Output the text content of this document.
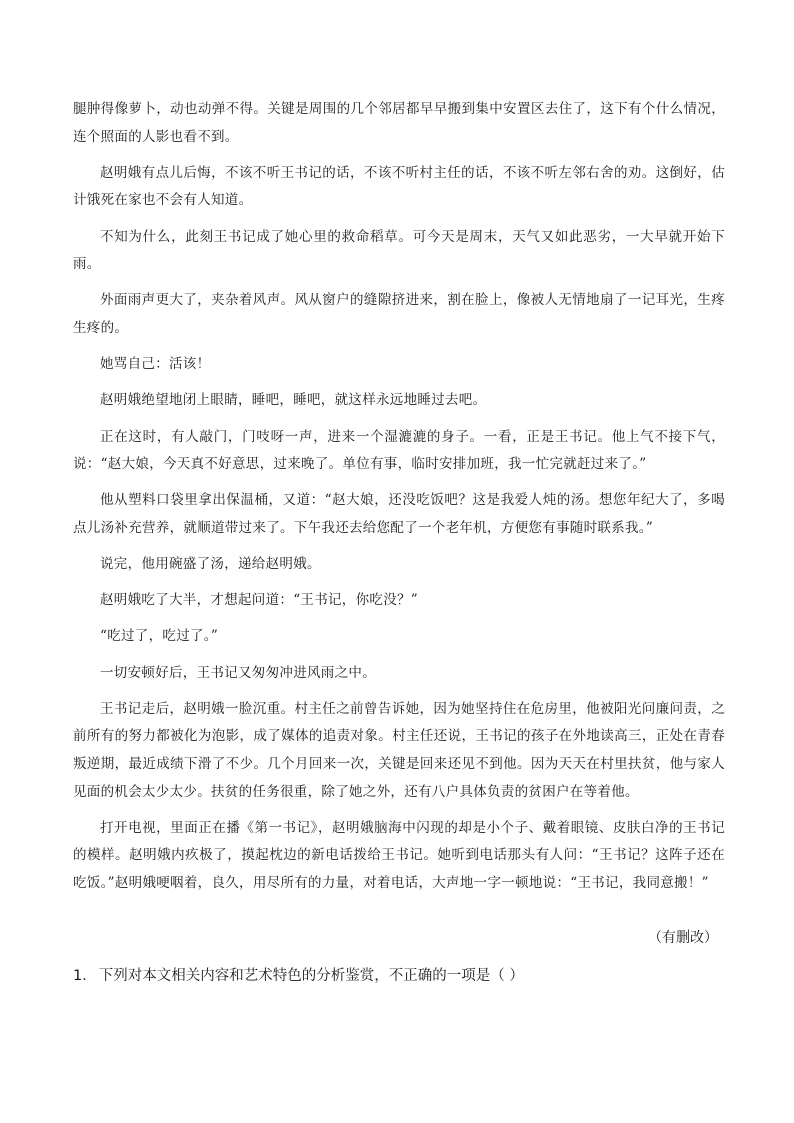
腿肿得像萝卜，动也动弹不得。关键是周围的几个邻居都早早搬到集中安置区去住了，这下有个什么情况，连个照面的人影也看不到。

赵明娥有点儿后悔，不该不听王书记的话，不该不听村主任的话，不该不听左邻右舍的劝。这倒好，估计饿死在家也不会有人知道。

不知为什么，此刻王书记成了她心里的救命稻草。可今天是周末，天气又如此恶劣，一大早就开始下雨。

外面雨声更大了，夹杂着风声。风从窗户的缝隙挤进来，割在脸上，像被人无情地扇了一记耳光，生疼生疼的。

她骂自己：活该！

赵明娥绝望地闭上眼睛，睡吧，睡吧，就这样永远地睡过去吧。

正在这时，有人敲门，门吱呀一声，进来一个湿漉漉的身子。一看，正是王书记。他上气不接下气，说：“赵大娘，今天真不好意思，过来晚了。单位有事，临时安排加班，我一忙完就赶过来了。”

他从塑料口袋里拿出保温桶，又道：“赵大娘，还没吃饭吧？这是我爱人炖的汤。想您年纪大了，多喝点儿汤补充营养，就顺道带过来了。下午我还去给您配了一个老年机，方便您有事随时联系我。”

说完，他用碗盛了汤，递给赵明娥。

赵明娥吃了大半，才想起问道：“王书记，你吃没？”

“吃过了，吃过了。”

一切安顿好后，王书记又匆匆冲进风雨之中。

王书记走后，赵明娥一脸沉重。村主任之前曾告诉她，因为她坚持住在危房里，他被阳光问廉问责，之前所有的努力都被化为泡影，成了媒体的追责对象。村主任还说，王书记的孩子在外地读高三，正处在青春叛逆期，最近成绩下滑了不少。几个月回来一次，关键是回来还见不到他。因为天天在村里扶贫，他与家人见面的机会太少太少。扶贫的任务很重，除了她之外，还有八户具体负责的贫困户在等着他。

打开电视，里面正在播《第一书记》，赵明娥脑海中闪现的却是小个子、戴着眼镜、皮肤白净的王书记的模样。赵明娥内疚极了，摸起枕边的新电话拨给王书记。她听到电话那头有人问：“王书记？这阵子还在吃饭。”赵明娥哽咽着，良久，用尽所有的力量，对着电话，大声地一字一顿地说：“王书记，我同意搬！”

（有删改）
1． 下列对本文相关内容和艺术特色的分析鉴赏，不正确的一项是（ ）
